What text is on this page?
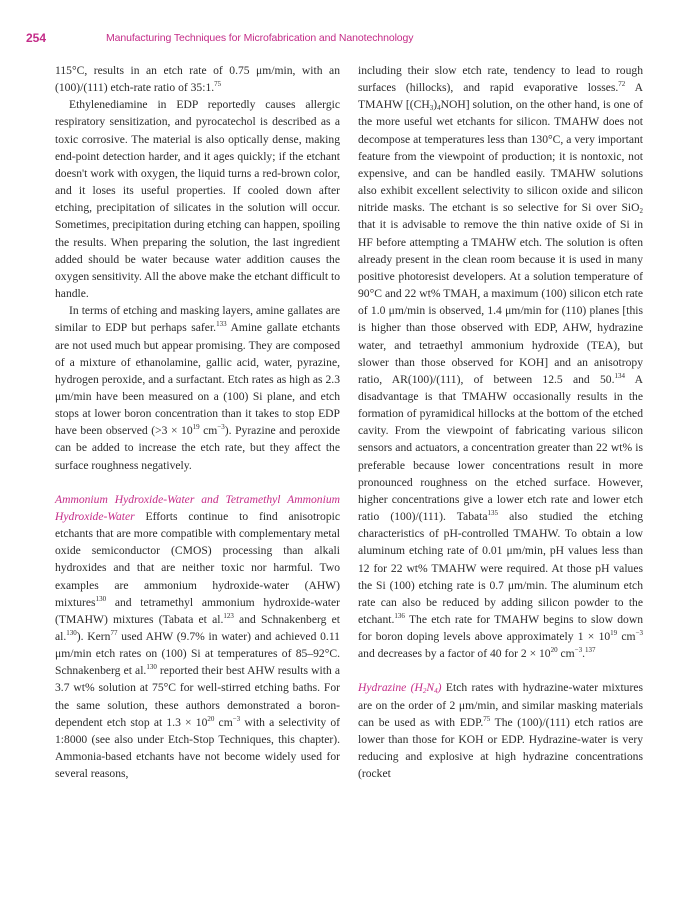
254	Manufacturing Techniques for Microfabrication and Nanotechnology

115°C, results in an etch rate of 0.75 μm/min, with an (100)/(111) etch-rate ratio of 35:1.75

Ethylenediamine in EDP reportedly causes allergic respiratory sensitization, and pyrocatechol is described as a toxic corrosive. The material is also optically dense, making end-point detection harder, and it ages quickly; if the etchant doesn't work with oxygen, the liquid turns a red-brown color, and it loses its useful properties. If cooled down after etching, precipitation of silicates in the solution will occur. Sometimes, precipitation during etching can happen, spoiling the results. When preparing the solution, the last ingredient added should be water because water addition causes the oxygen sensitivity. All the above make the etchant difficult to handle.

In terms of etching and masking layers, amine gallates are similar to EDP but perhaps safer.$^{133}$ Amine gallate etchants are not used much but appear promising. They are composed of a mixture of ethanolamine, gallic acid, water, pyrazine, hydrogen peroxide, and a surfactant. Etch rates as high as 2.3 μm/min have been measured on a (100) Si plane, and etch stops at lower boron concentration than it takes to stop EDP have been observed ($>3 \times 10^{19}$ $cm^{-3}$). Pyrazine and peroxide can be added to increase the etch rate, but they affect the surface roughness negatively.

Ammonium Hydroxide-Water and Tetramethyl Ammonium Hydroxide-Water Efforts continue to find anisotropic etchants that are more compatible with complementary metal oxide semiconductor (CMOS) processing than alkali hydroxides and that are neither toxic nor harmful. Two examples are ammonium hydroxide-water (AHW) mixtures$^{130}$ and tetramethyl ammonium hydroxide-water (TMAHW) mixtures (Tabata et al.$^{123}$ and Schnakenberg et al.$^{130}$). Kern$^{77}$ used AHW (9.7% in water) and achieved 0.11 μm/min etch rates on (100) Si at temperatures of 85–92°C. Schnakenberg et al.$^{130}$ reported their best AHW results with a 3.7 wt% solution at 75°C for well-stirred etching baths. For the same solution, these authors demonstrated a boron-dependent etch stop at $1.3 \times 10^{20}$ $cm^{-3}$ with a selectivity of 1:8000 (see also under Etch-Stop Techniques, this chapter). Ammonia-based etchants have not become widely used for several reasons,

including their slow etch rate, tendency to lead to rough surfaces (hillocks), and rapid evaporative losses.$^{72}$ A TMAHW $[(CH_3)_4NOH]$ solution, on the other hand, is one of the more useful wet etchants for silicon. TMAHW does not decompose at temperatures less than 130°C, a very important feature from the viewpoint of production; it is nontoxic, not expensive, and can be handled easily. TMAHW solutions also exhibit excellent selectivity to silicon oxide and silicon nitride masks. The etchant is so selective for Si over SiO$_2$ that it is advisable to remove the thin native oxide of Si in HF before attempting a TMAHW etch. The solution is often already present in the clean room because it is used in many positive photoresist developers. At a solution temperature of 90°C and 22 wt% TMAH, a maximum (100) silicon etch rate of 1.0 μm/min is observed, 1.4 μm/min for (110) planes [this is higher than those observed with EDP, AHW, hydrazine water, and tetraethyl ammonium hydroxide (TEA), but slower than those observed for KOH] and an anisotropy ratio, AR(100)/(111), of between 12.5 and 50.$^{134}$ A disadvantage is that TMAHW occasionally results in the formation of pyramidical hillocks at the bottom of the etched cavity. From the viewpoint of fabricating various silicon sensors and actuators, a concentration greater than 22 wt% is preferable because lower concentrations result in more pronounced roughness on the etched surface. However, higher concentrations give a lower etch rate and lower etch ratio (100)/(111). Tabata$^{135}$ also studied the etching characteristics of pH-controlled TMAHW. To obtain a low aluminum etching rate of 0.01 μm/min, pH values less than 12 for 22 wt% TMAHW were required. At those pH values the Si (100) etching rate is 0.7 μm/min. The aluminum etch rate can also be reduced by adding silicon powder to the etchant.$^{136}$ The etch rate for TMAHW begins to slow down for boron doping levels above approximately $1 \times 10^{19}$ $cm^{-3}$ and decreases by a factor of 40 for $2 \times 10^{20}$ $cm^{-3}.^{137}$

Hydrazine $(H_2N_4)$ Etch rates with hydrazine-water mixtures are on the order of 2 μm/min, and similar masking materials can be used as with EDP.$^{75}$ The (100)/(111) etch ratios are lower than those for KOH or EDP. Hydrazine-water is very reducing and explosive at high hydrazine concentrations (rocket
